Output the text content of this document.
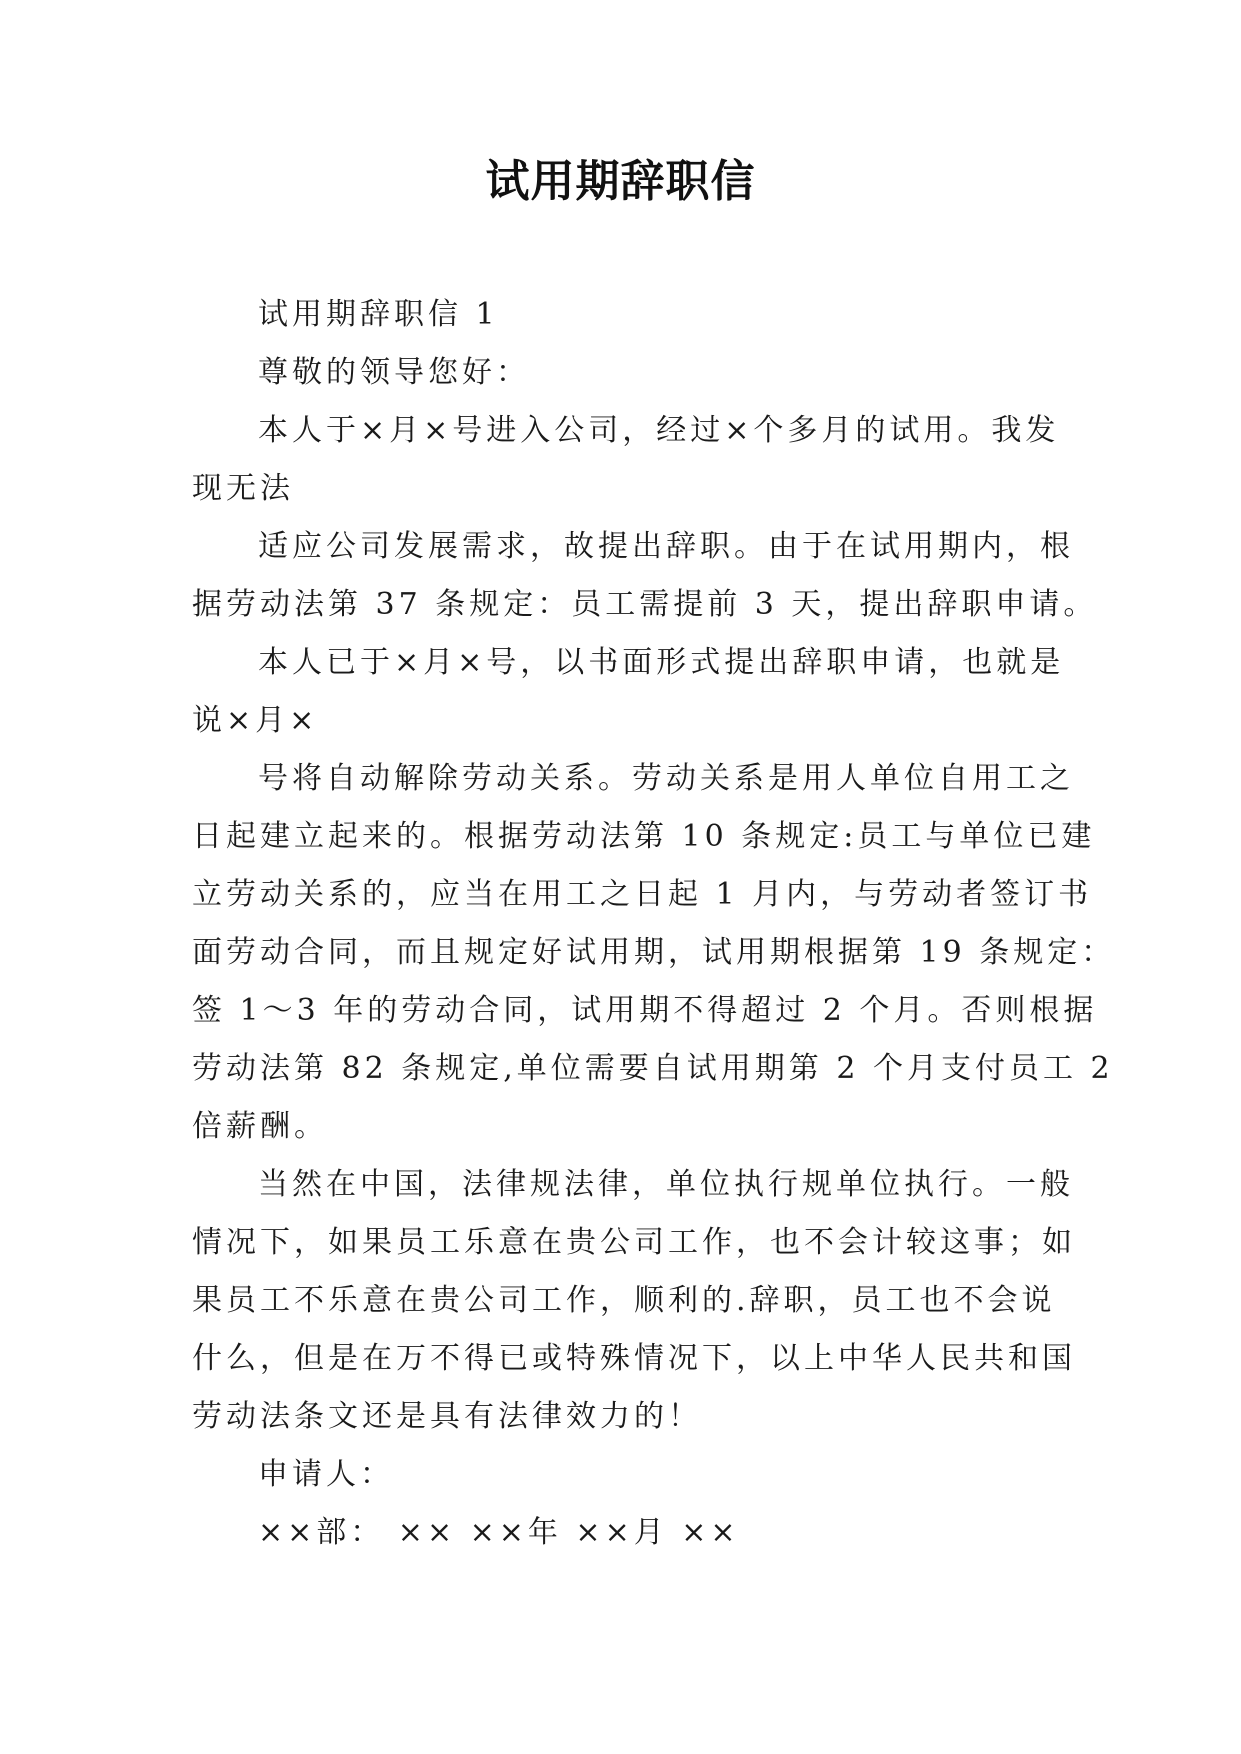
试用期辞职信
试用期辞职信 1
尊敬的领导您好：
本人于×月×号进入公司，经过×个多月的试用。我发
现无法
适应公司发展需求，故提出辞职。由于在试用期内，根
据劳动法第 37 条规定：员工需提前 3 天，提出辞职申请。
本人已于×月×号，以书面形式提出辞职申请，也就是
说×月×
号将自动解除劳动关系。劳动关系是用人单位自用工之
日起建立起来的。根据劳动法第 10 条规定:员工与单位已建
立劳动关系的，应当在用工之日起 1 月内，与劳动者签订书
面劳动合同，而且规定好试用期，试用期根据第 19 条规定：
签 1～3 年的劳动合同，试用期不得超过 2 个月。否则根据
劳动法第 82 条规定,单位需要自试用期第 2 个月支付员工 2
倍薪酬。
当然在中国，法律规法律，单位执行规单位执行。一般
情况下，如果员工乐意在贵公司工作，也不会计较这事；如
果员工不乐意在贵公司工作，顺利的.辞职，员工也不会说
什么，但是在万不得已或特殊情况下，以上中华人民共和国
劳动法条文还是具有法律效力的！
申请人：
××部： ×× ××年 ××月 ××
